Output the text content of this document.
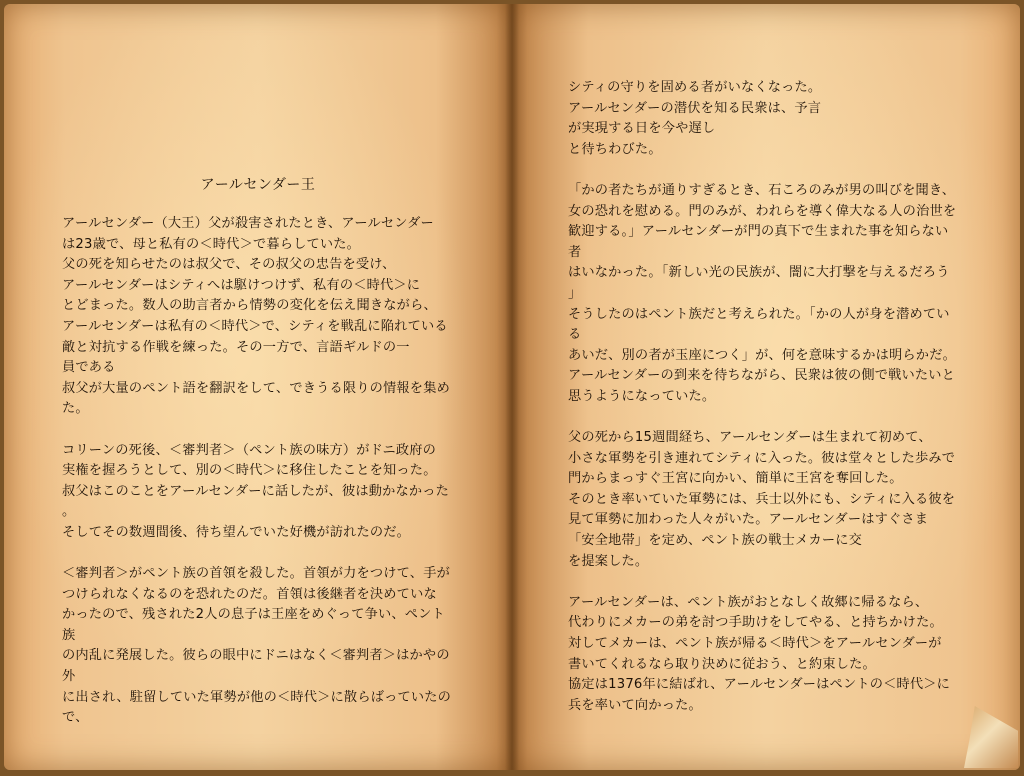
アールセンダー王
アールセンダー（大王）父が殺害されたとき、アールセンダー
は23歳で、母と私有の＜時代＞で暮らしていた。
父の死を知らせたのは叔父で、その叔父の忠告を受け、
アールセンダーはシティへは駆けつけず、私有の＜時代＞に
とどまった。数人の助言者から情勢の変化を伝え聞きながら、
アールセンダーは私有の＜時代＞で、シティを戦乱に陥れている
敵と対抗する作戦を練った。その一方で、言語ギルドの一
員である
叔父が大量のペント語を翻訳をして、できうる限りの情報を集め
た。

コリーンの死後、＜審判者＞（ペント族の味方）がドニ政府の
実権を握ろうとして、別の＜時代＞に移住したことを知った。
叔父はこのことをアールセンダーに話したが、彼は動かなかった
。
そしてその数週間後、待ち望んでいた好機が訪れたのだ。

＜審判者＞がペント族の首領を殺した。首領が力をつけて、手が
つけられなくなるのを恐れたのだ。首領は後継者を決めていな
かったので、残された2人の息子は王座をめぐって争い、ペント
族
の内乱に発展した。彼らの眼中にドニはなく＜審判者＞はかやの
外
に出され、駐留していた軍勢が他の＜時代＞に散らばっていたの
で、
シティの守りを固める者がいなくなった。
アールセンダーの潜伏を知る民衆は、予言
が実現する日を今や遅し
と待ちわびた。

「かの者たちが通りすぎるとき、石ころのみが男の叫びを聞き、
女の恐れを慰める。門のみが、われらを導く偉大なる人の治世を
歓迎する。」アールセンダーが門の真下で生まれた事を知らない
者
はいなかった。「新しい光の民族が、闇に大打撃を与えるだろう
」
そうしたのはペント族だと考えられた。「かの人が身を潜めてい
る
あいだ、別の者が玉座につく」が、何を意味するかは明らかだ。
アールセンダーの到来を待ちながら、民衆は彼の側で戦いたいと
思うようになっていた。

父の死から15週間経ち、アールセンダーは生まれて初めて、
小さな軍勢を引き連れてシティに入った。彼は堂々とした歩みで
門からまっすぐ王宮に向かい、簡単に王宮を奪回した。
そのとき率いていた軍勢には、兵士以外にも、シティに入る彼を
見て軍勢に加わった人々がいた。アールセンダーはすぐさま
「安全地帯」を定め、ペント族の戦士メカーに交
を提案した。

アールセンダーは、ペント族がおとなしく故郷に帰るなら、
代わりにメカーの弟を討つ手助けをしてやる、と持ちかけた。
対してメカーは、ペント族が帰る＜時代＞をアールセンダーが
書いてくれるなら取り決めに従おう、と約束した。
協定は1376年に結ばれ、アールセンダーはペントの＜時代＞に
兵を率いて向かった。
